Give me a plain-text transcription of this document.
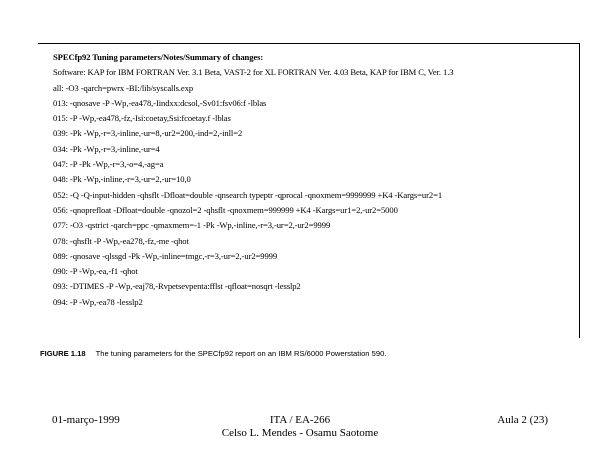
SPECfp92 Tuning parameters/Notes/Summary of changes:
Software: KAP for IBM FORTRAN Ver. 3.1 Beta, VAST-2 for XL FORTRAN Ver. 4.03 Beta, KAP for IBM C, Ver. 1.3
all: -O3 -qarch=pwrx -BI:/lib/syscalls.exp
013: -qnosave -P -Wp,-ea478,-Iindxx:dcsol,-Sv01:fsv06:f -lblas
015: -P -Wp,-ea478,-fz,-Isi:coetay,Ssi:fcoetay.f -lblas
039: -Pk -Wp,-r=3,-inline,-ur=8,-ur2=200,-ind=2,-inll=2
034: -Pk -Wp,-r=3,-inline,-ur=4
047: -P -Pk -Wp,-r=3,-o=4,-ag=a
048: -Pk -Wp,-inline,-r=3,-ur=2,-ur=10,0
052: -Q -Q-input-hidden -qhsflt -Dfloat=double -qnsearch typeptr -qprocal -qnoxmem=9999999 +K4 -Kargs=ur2=1
056: -qnoprefloat -Dfloat=double -qnozol=2 -qhsflt -qnoxmem=999999 +K4 -Kargs=ur1=2,-ur2=5000
077: -O3 -qstrict -qarch=ppc -qmaxmem=-1 -Pk -Wp,-inline,-r=3,-ur=2,-ur2=9999
078: -qhsflt -P -Wp,-ea278,-fz,-me -qhot
089: -qnosave -qlssgd -Pk -Wp,-inline=tmgc,-r=3,-ur=2,-ur2=9999
090: -P -Wp,-ea,-f1 -qhot
093: -DTIMES -P -Wp,-eaj78,-Rvpetsevpenta:fflst -qfloat=nosqrt -lesslp2
094: -P -Wp,-ea78 -lesslp2
FIGURE 1.18 The tuning parameters for the SPECfp92 report on an IBM RS/6000 Powerstation 590.
01-março-1999	ITA / EA-266
Celso L. Mendes - Osamu Saotome
Aula 2 (23)
